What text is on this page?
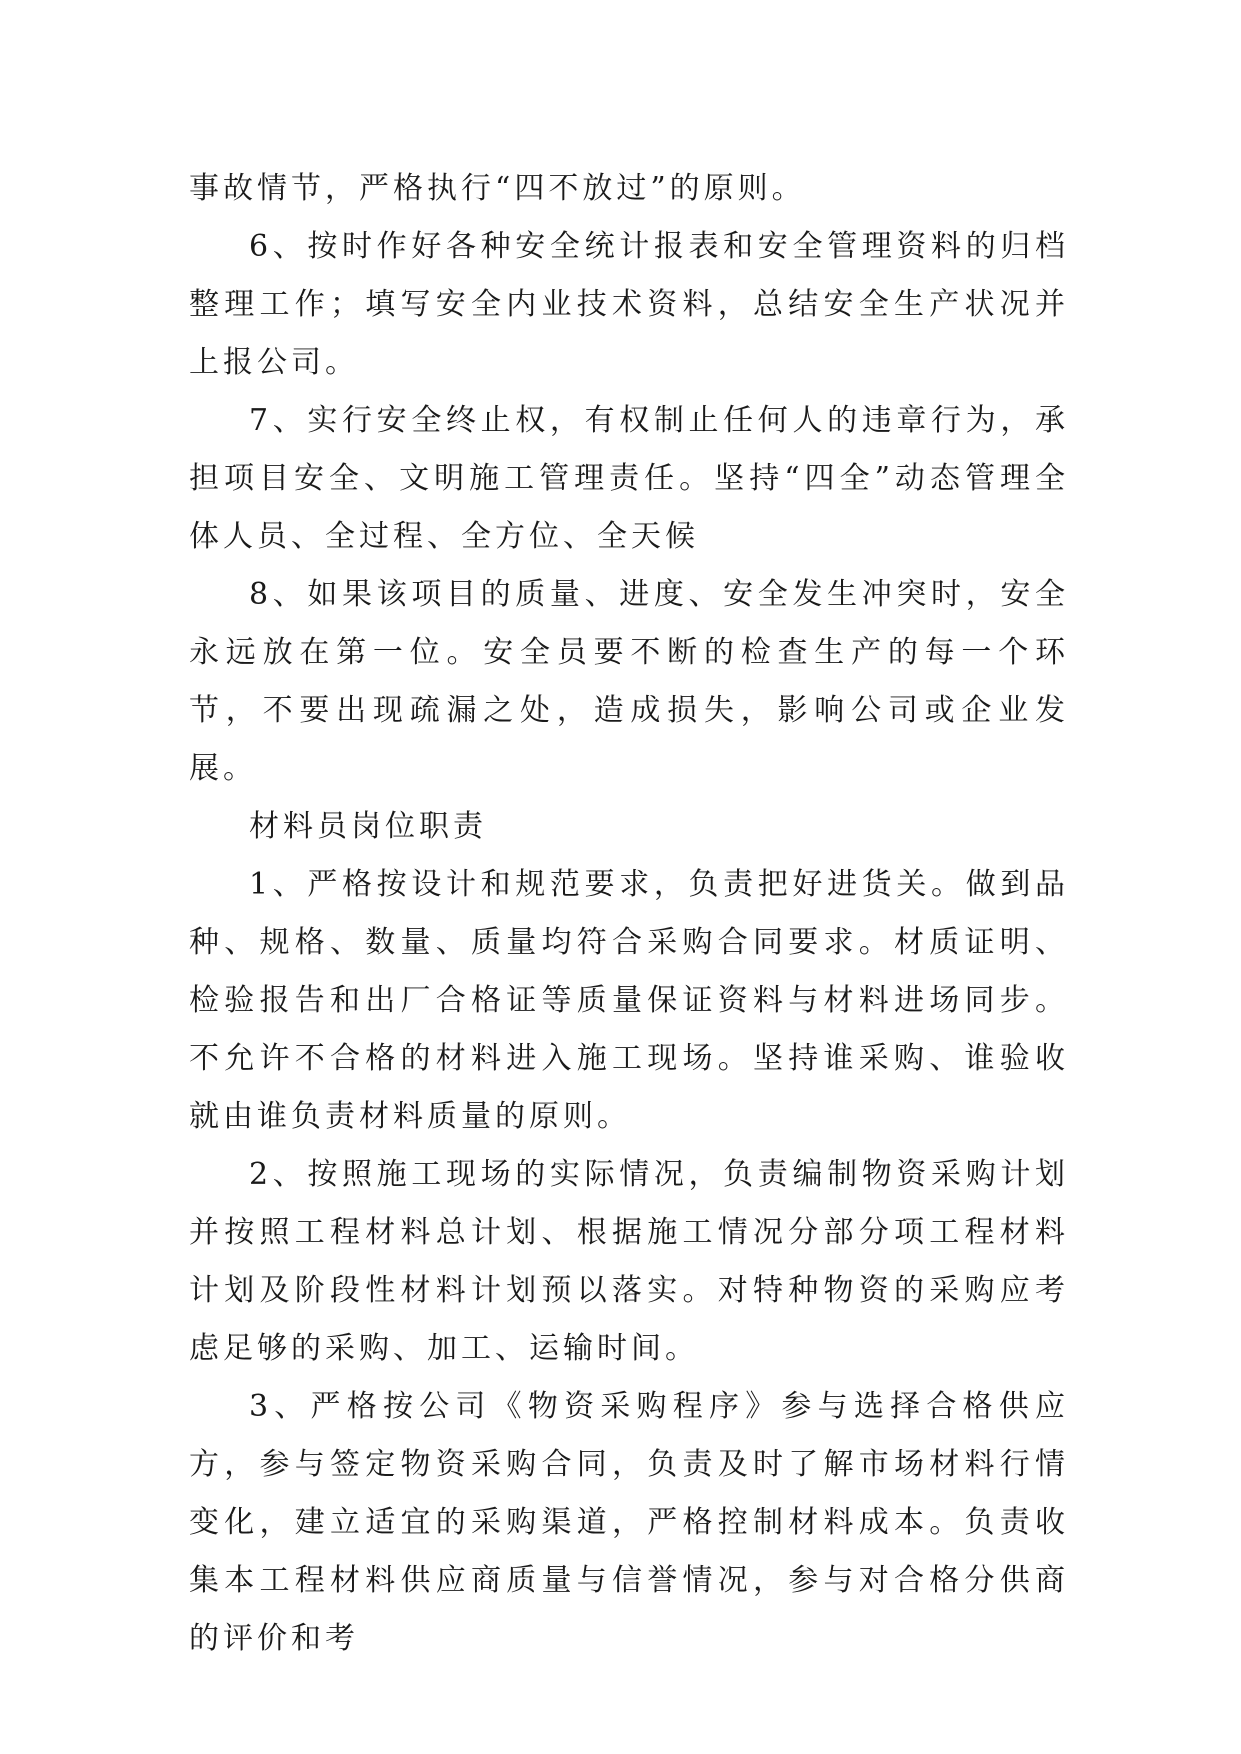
事故情节，严格执行“四不放过”的原则。

6、按时作好各种安全统计报表和安全管理资料的归档整理工作；填写安全内业技术资料，总结安全生产状况并上报公司。

7、实行安全终止权，有权制止任何人的违章行为，承担项目安全、文明施工管理责任。坚持“四全”动态管理全体人员、全过程、全方位、全天候

8、如果该项目的质量、进度、安全发生冲突时，安全永远放在第一位。安全员要不断的检查生产的每一个环节，不要出现疏漏之处，造成损失，影响公司或企业发展。

材料员岗位职责

1、严格按设计和规范要求，负责把好进货关。做到品种、规格、数量、质量均符合采购合同要求。材质证明、检验报告和出厂合格证等质量保证资料与材料进场同步。不允许不合格的材料进入施工现场。坚持谁采购、谁验收就由谁负责材料质量的原则。

2、按照施工现场的实际情况，负责编制物资采购计划并按照工程材料总计划、根据施工情况分部分项工程材料计划及阶段性材料计划预以落实。对特种物资的采购应考虑足够的采购、加工、运输时间。

3、严格按公司《物资采购程序》参与选择合格供应方，参与签定物资采购合同，负责及时了解市场材料行情变化，建立适宜的采购渠道，严格控制材料成本。负责收集本工程材料供应商质量与信誉情况，参与对合格分供商的评价和考
